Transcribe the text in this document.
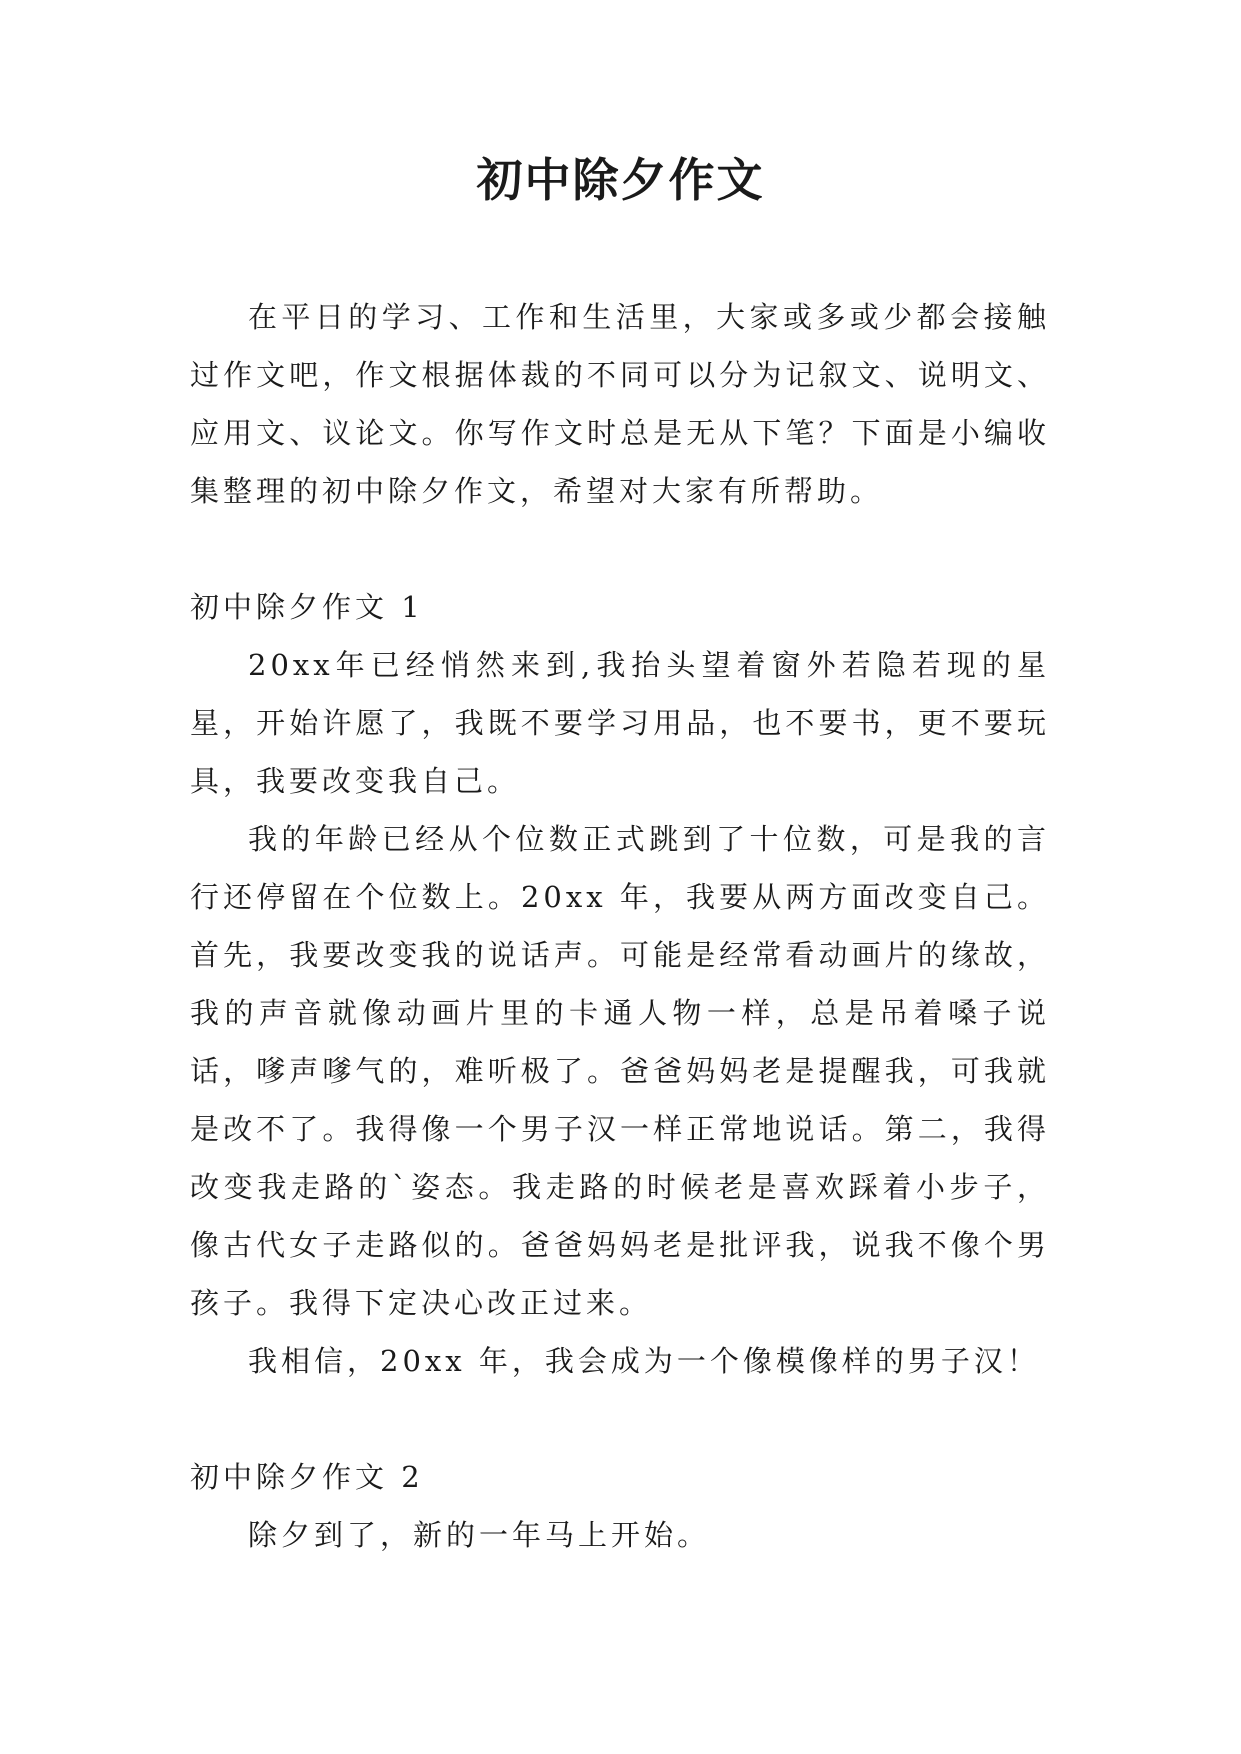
初中除夕作文

在平日的学习、工作和生活里，大家或多或少都会接触过作文吧，作文根据体裁的不同可以分为记叙文、说明文、应用文、议论文。你写作文时总是无从下笔？下面是小编收集整理的初中除夕作文，希望对大家有所帮助。

初中除夕作文 1

20xx年已经悄然来到,我抬头望着窗外若隐若现的星星，开始许愿了，我既不要学习用品，也不要书，更不要玩具，我要改变我自己。

我的年龄已经从个位数正式跳到了十位数，可是我的言行还停留在个位数上。20xx 年，我要从两方面改变自己。首先，我要改变我的说话声。可能是经常看动画片的缘故，我的声音就像动画片里的卡通人物一样，总是吊着嗓子说话，嗲声嗲气的，难听极了。爸爸妈妈老是提醒我，可我就是改不了。我得像一个男子汉一样正常地说话。第二，我得改变我走路的`姿态。我走路的时候老是喜欢踩着小步子，像古代女子走路似的。爸爸妈妈老是批评我，说我不像个男孩子。我得下定决心改正过来。

我相信，20xx 年，我会成为一个像模像样的男子汉！

初中除夕作文 2

除夕到了，新的一年马上开始。
